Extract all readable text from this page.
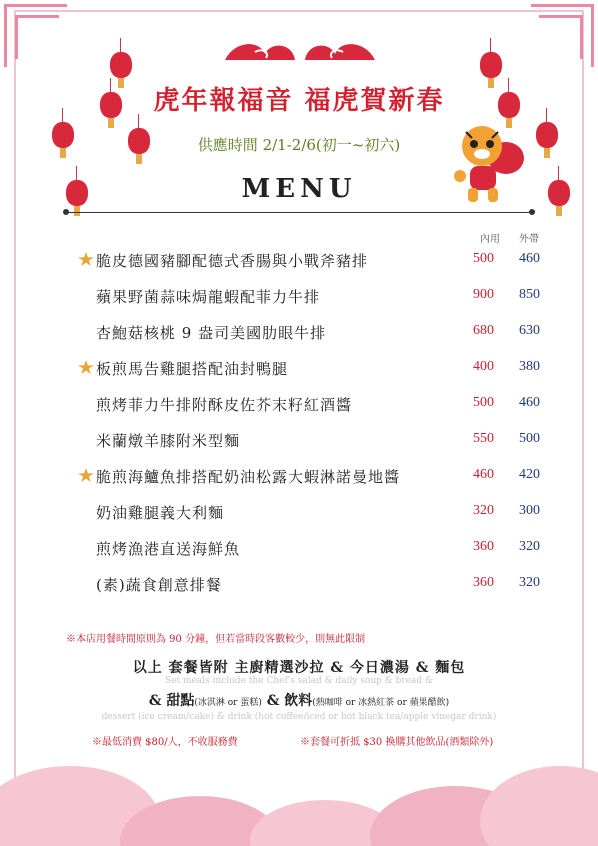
虎年報福音 福虎賀新春
供應時間 2/1-2/6(初一~初六)
MENU
內用 外帶
脆皮德國豬腳配德式香腸與小戰斧豬排	500 460
蘋果野菌蒜味焗龍蝦配菲力牛排	900 850
杏鮑菇核桃 9 盎司美國肋眼牛排	680 630
板煎馬告雞腿搭配油封鴨腿	400 380
煎烤菲力牛排附酥皮佐芥末籽紅酒醬	500 460
米蘭燉羊膝附米型麵	550 500
脆煎海鱸魚排搭配奶油松露大蝦淋諾曼地醬	460 420
奶油雞腿義大利麵	320 300
煎烤漁港直送海鮮魚	360 320
(素)蔬食創意排餐	360 320
※本店用餐時間原則為 90 分鐘，但若當時段客數較少，則無此限制
以上 套餐皆附 主廚精選沙拉 & 今日濃湯 & 麵包
Set meals include the Chef's salad & daily soup & bread &
& 甜點(冰淇淋 or 蛋糕) & 飲料(熱咖啡 or 冰熱紅茶 or 蘋果醋飲)
dessert (ice cream/cake) & drink (hot coffee/iced or hot black tea/apple vinegar drink)
※最低消費 $80/人，不收服務費	※套餐可折抵 $30 換購其他飲品(酒類除外)
